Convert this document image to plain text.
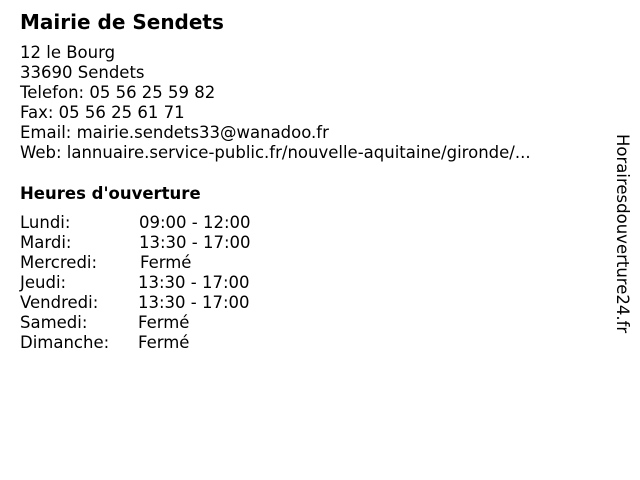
Mairie de Sendets
12 le Bourg
33690 Sendets
Telefon: 05 56 25 59 82
Fax: 05 56 25 61 71
Email: mairie.sendets33@wanadoo.fr
Web: lannuaire.service-public.fr/nouvelle-aquitaine/gironde/...
Heures d'ouverture
Lundi:	09:00 - 12:00
Mardi:	13:30 - 17:00
Mercredi:	Fermé
Jeudi:	13:30 - 17:00
Vendredi: 13:30 - 17:00
Samedi:	Fermé
Dimanche: Fermé
Horairesdouverture24.fr
